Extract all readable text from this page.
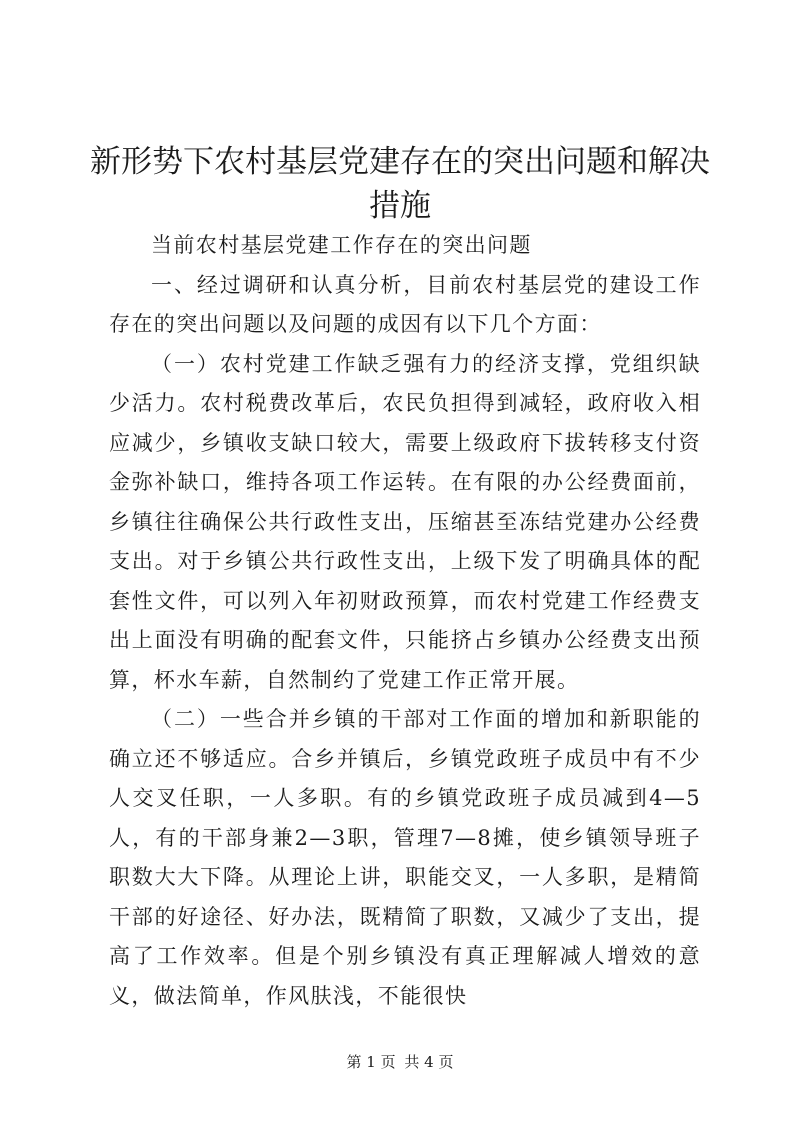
新形势下农村基层党建存在的突出问题和解决
措施

当前农村基层党建工作存在的突出问题

一、经过调研和认真分析，目前农村基层党的建设工作存在的突出问题以及问题的成因有以下几个方面：

（一）农村党建工作缺乏强有力的经济支撑，党组织缺少活力。农村税费改革后，农民负担得到减轻，政府收入相应减少，乡镇收支缺口较大，需要上级政府下拔转移支付资金弥补缺口，维持各项工作运转。在有限的办公经费面前，乡镇往往确保公共行政性支出，压缩甚至冻结党建办公经费支出。对于乡镇公共行政性支出，上级下发了明确具体的配套性文件，可以列入年初财政预算，而农村党建工作经费支出上面没有明确的配套文件，只能挤占乡镇办公经费支出预算，杯水车薪，自然制约了党建工作正常开展。

（二）一些合并乡镇的干部对工作面的增加和新职能的确立还不够适应。合乡并镇后，乡镇党政班子成员中有不少人交叉任职，一人多职。有的乡镇党政班子成员减到4—5人，有的干部身兼2—3职，管理7—8摊，使乡镇领导班子职数大大下降。从理论上讲，职能交叉，一人多职，是精简干部的好途径、好办法，既精简了职数，又减少了支出，提高了工作效率。但是个别乡镇没有真正理解减人增效的意义，做法简单，作风肤浅，不能很快

第 1 页 共 4 页
